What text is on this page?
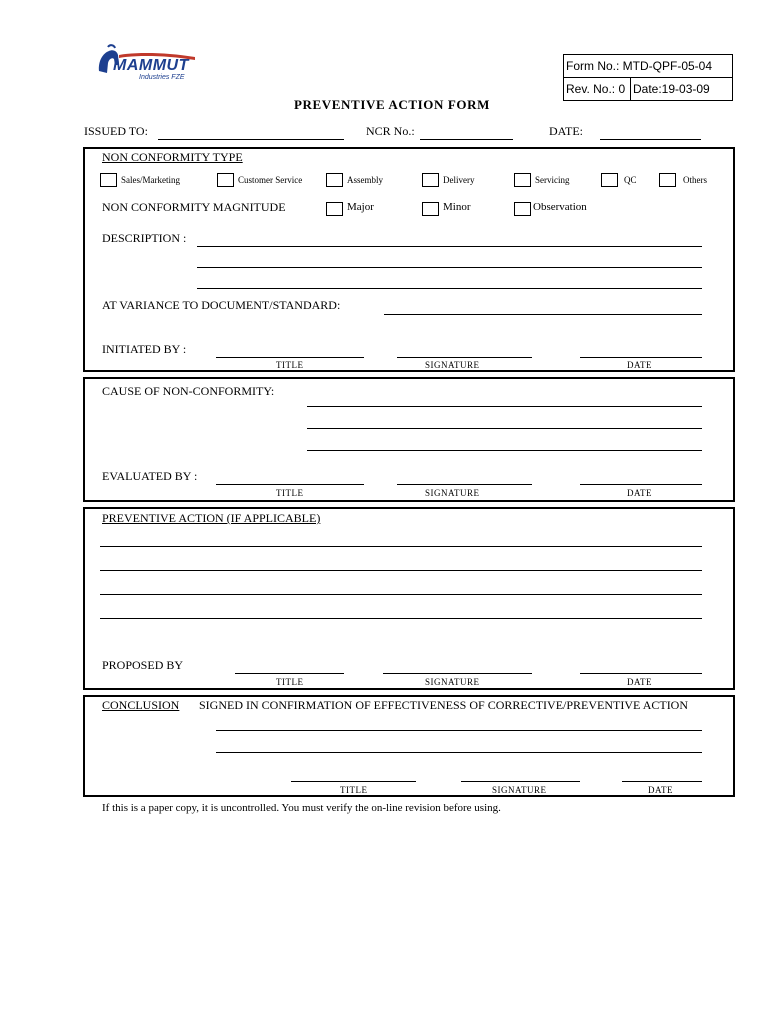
MAMMUT
Industries FZE
Form No.: MTD-QPF-05-04
Rev. No.: 0	Date:19-03-09
PREVENTIVE ACTION FORM
ISSUED TO:	NCR No.:	DATE:
NON CONFORMITY TYPE
Sales/Marketing	Customer Service	Assembly	Delivery	Servicing	QC	Others
NON CONFORMITY MAGNITUDE	Major	Minor	Observation
DESCRIPTION :
AT VARIANCE TO DOCUMENT/STANDARD:
INITIATED BY :
TITLE	SIGNATURE	DATE
CAUSE OF NON-CONFORMITY:
EVALUATED BY :
TITLE	SIGNATURE	DATE
PREVENTIVE ACTION (IF APPLICABLE)
PROPOSED BY
TITLE	SIGNATURE	DATE
CONCLUSION SIGNED IN CONFIRMATION OF EFFECTIVENESS OF CORRECTIVE/PREVENTIVE ACTION
TITLE	SIGNATURE	DATE
If this is a paper copy, it is uncontrolled. You must verify the on-line revision before using.
